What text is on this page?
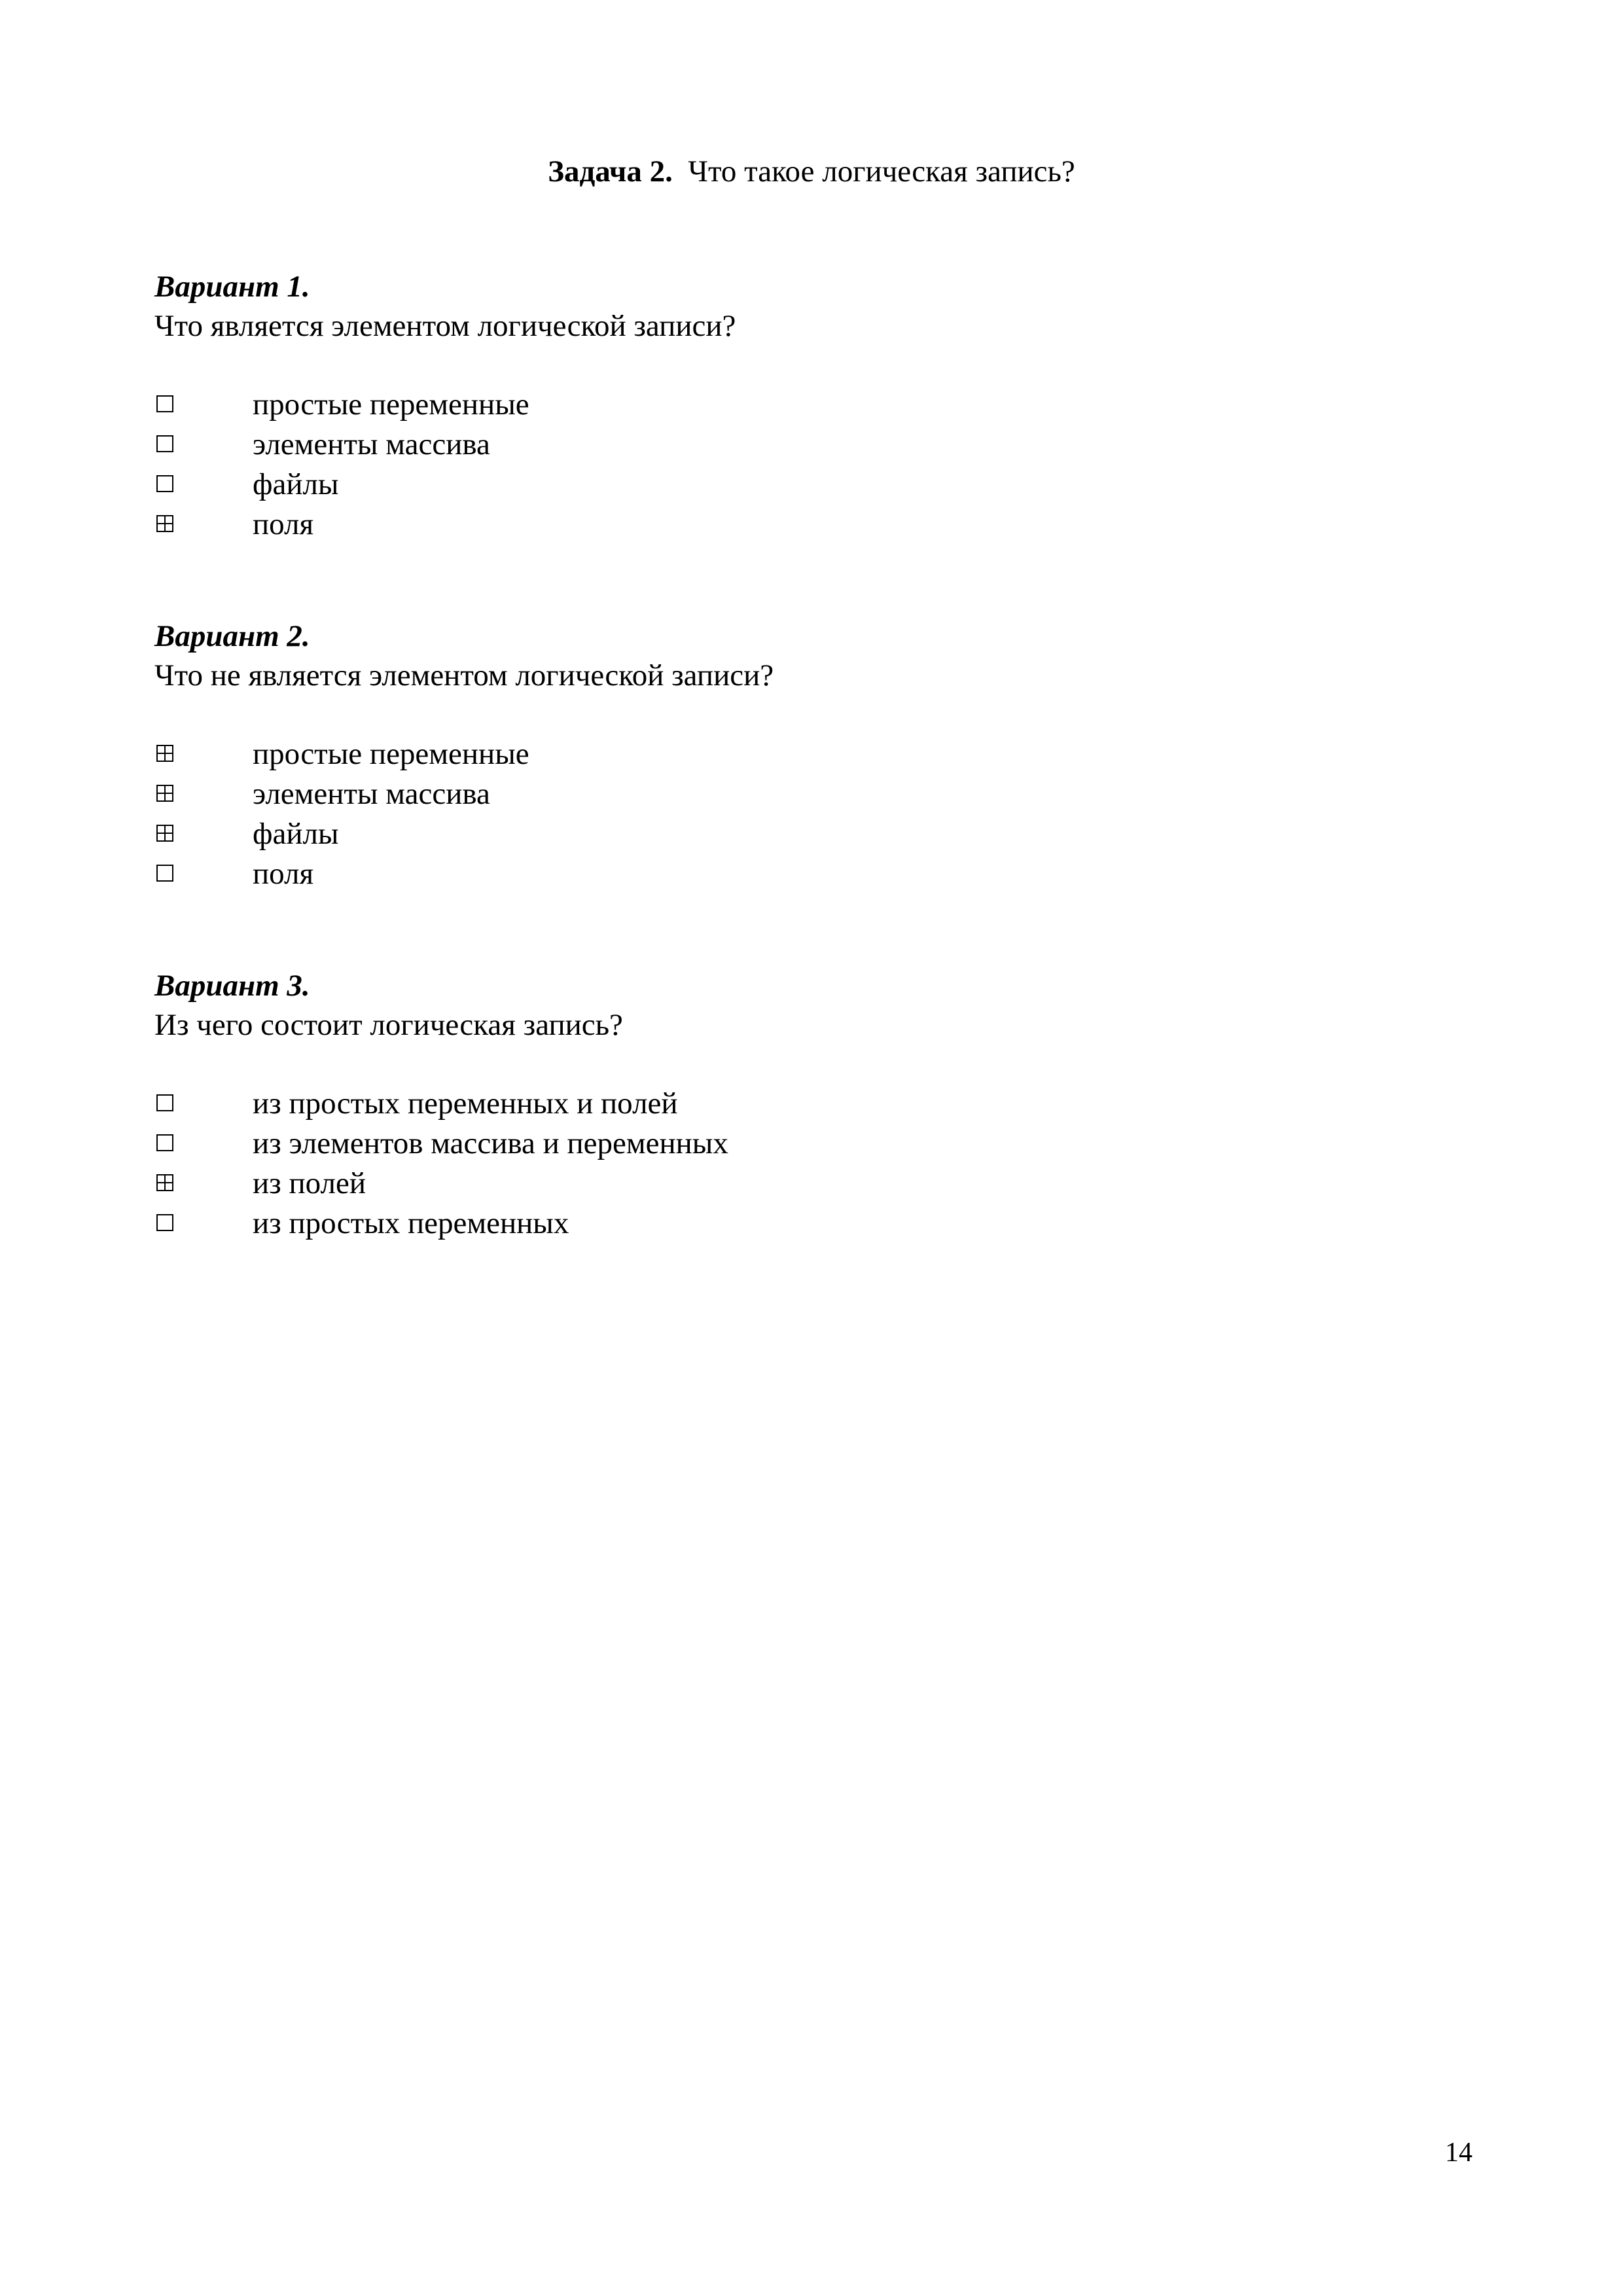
Задача 2. Что такое логическая запись?
Вариант 1.
Что является элементом логической записи?
простые переменные
элементы массива
файлы
поля
Вариант 2.
Что не является элементом логической записи?
простые переменные
элементы массива
файлы
поля
Вариант 3.
Из чего состоит логическая запись?
из простых переменных и полей
из элементов массива и переменных
из полей
из простых переменных
14
